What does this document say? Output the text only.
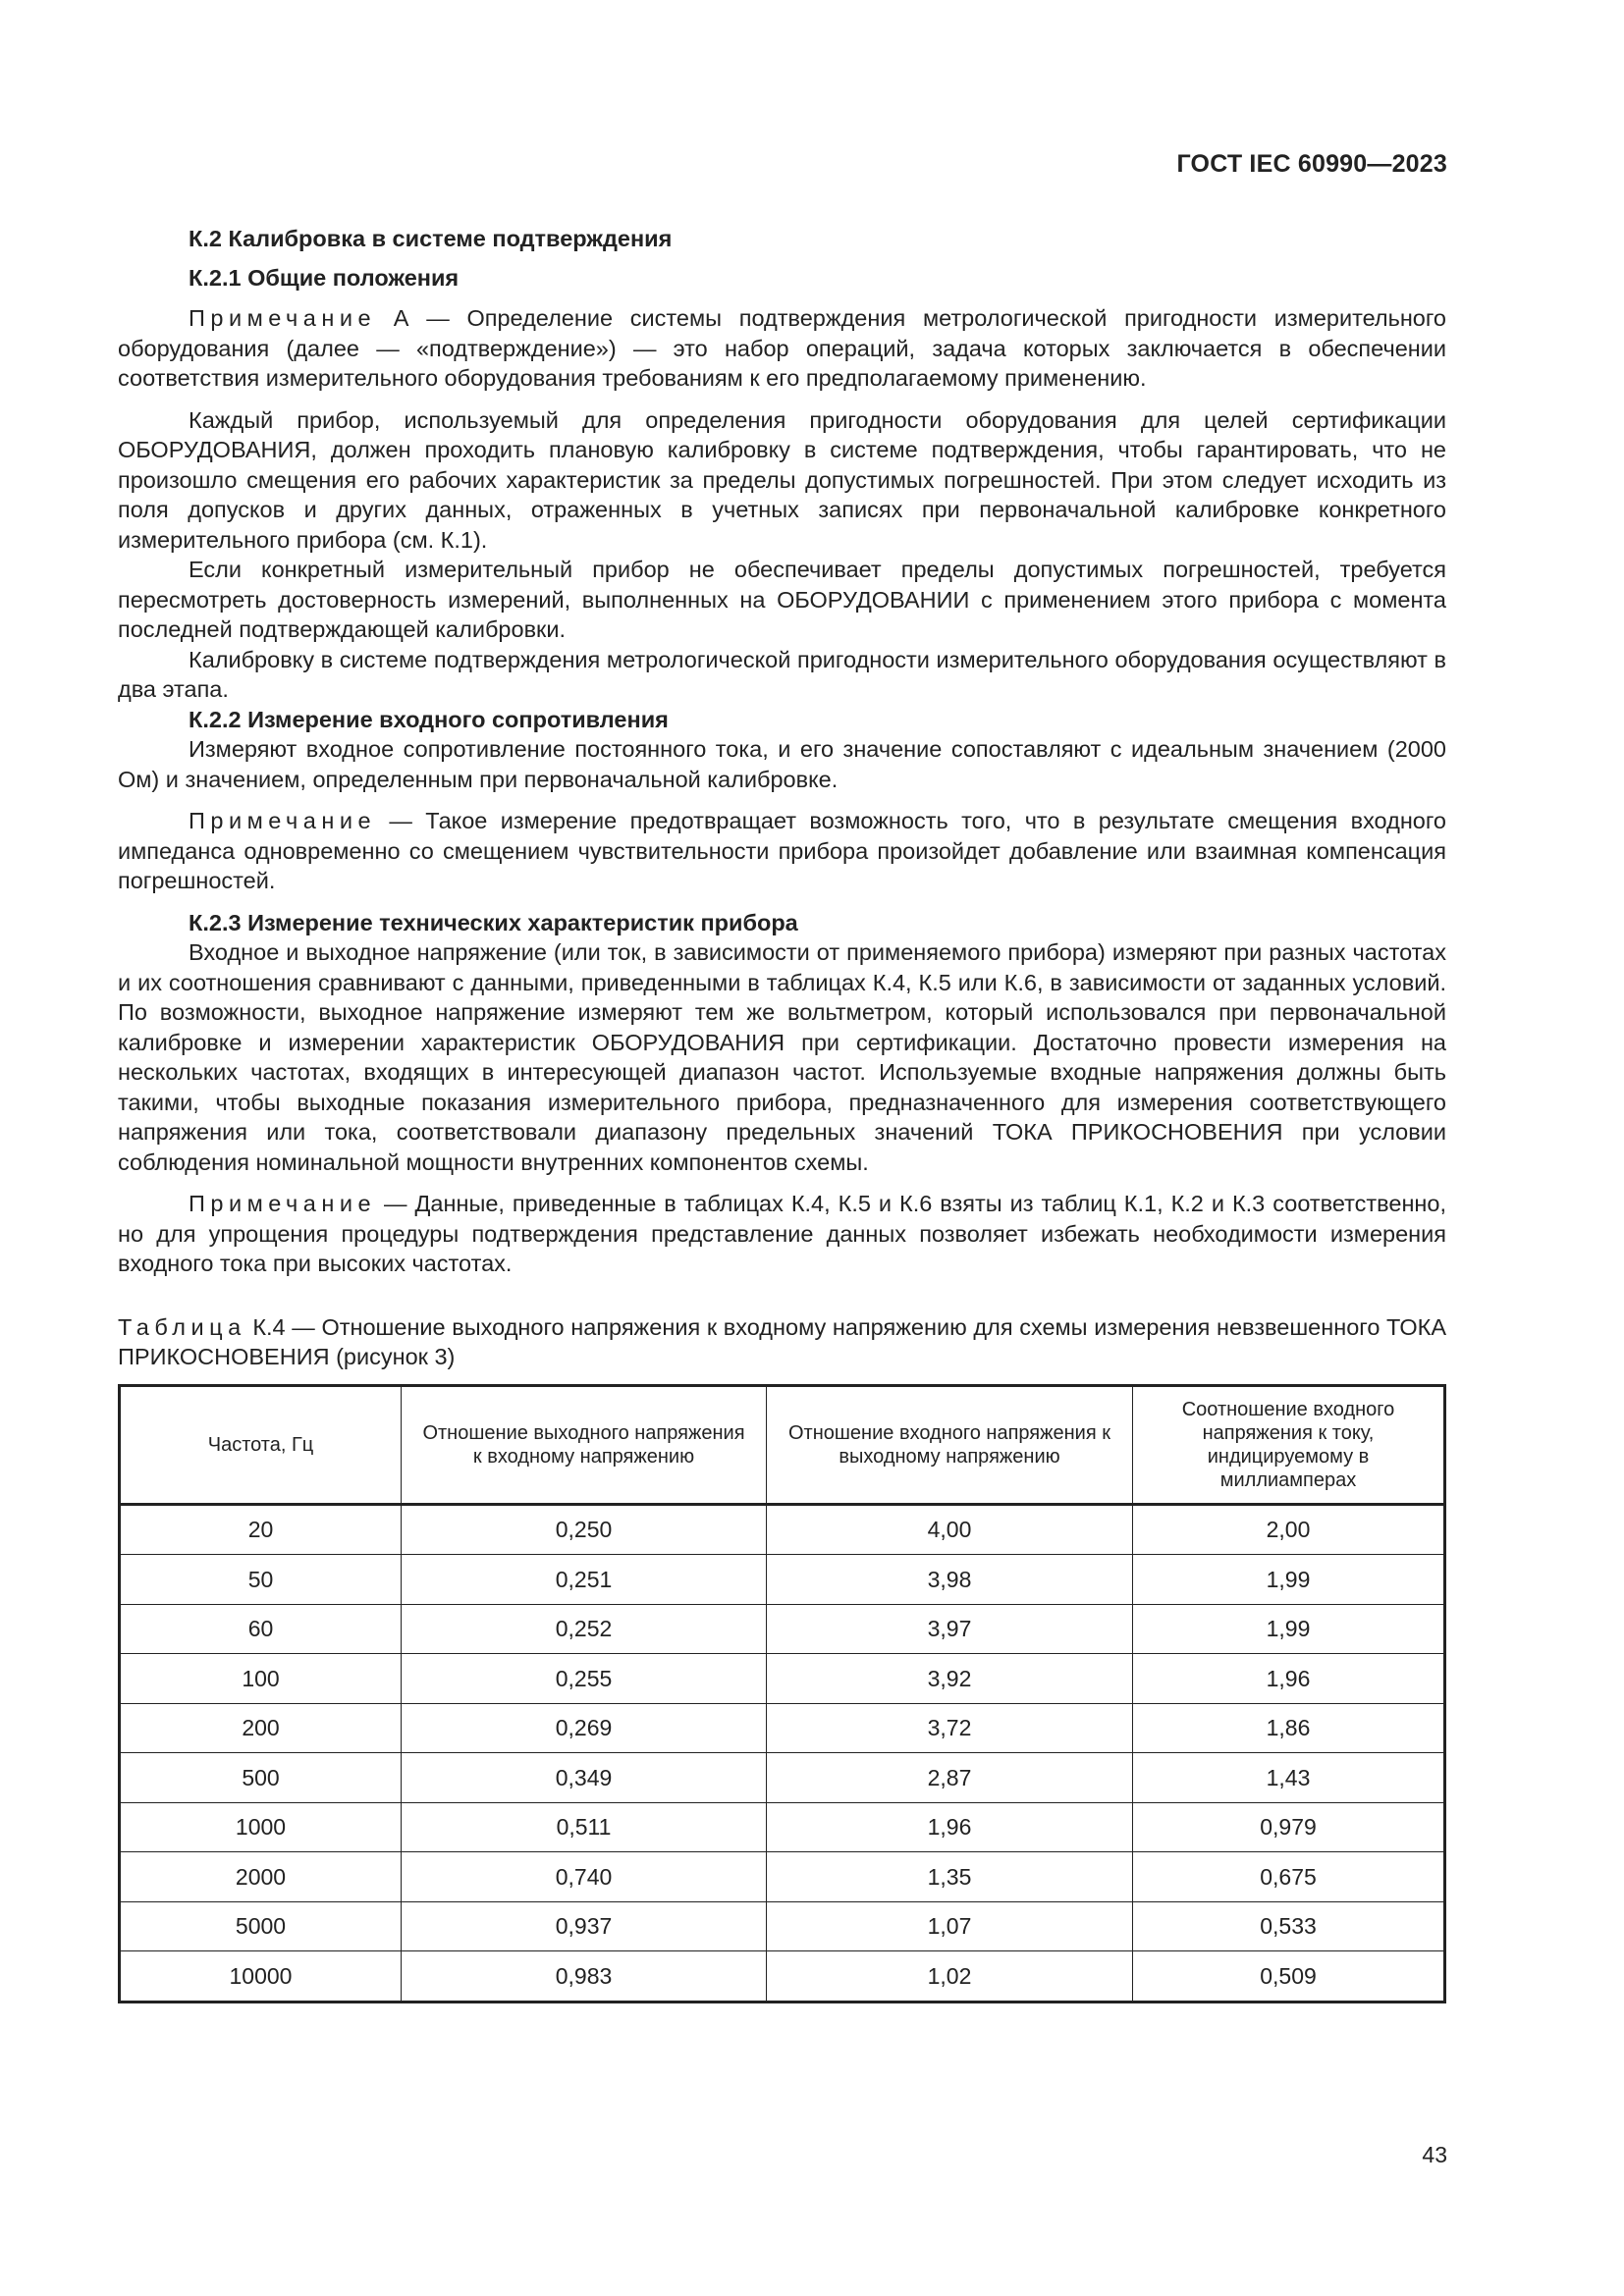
ГОСТ IEC 60990—2023
К.2 Калибровка в системе подтверждения
К.2.1 Общие положения

Примечание А — Определение системы подтверждения метрологической пригодности измерительного оборудования (далее — «подтверждение») — это набор операций, задача которых заключается в обеспечении соответствия измерительного оборудования требованиям к его предполагаемому применению.

Каждый прибор, используемый для определения пригодности оборудования для целей сертификации ОБОРУДОВАНИЯ, должен проходить плановую калибровку в системе подтверждения, чтобы гарантировать, что не произошло смещения его рабочих характеристик за пределы допустимых погрешностей. При этом следует исходить из поля допусков и других данных, отраженных в учетных записях при первоначальной калибровке конкретного измерительного прибора (см. К.1).

Если конкретный измерительный прибор не обеспечивает пределы допустимых погрешностей, требуется пересмотреть достоверность измерений, выполненных на ОБОРУДОВАНИИ с применением этого прибора с момента последней подтверждающей калибровки.

Калибровку в системе подтверждения метрологической пригодности измерительного оборудования осуществляют в два этапа.

К.2.2 Измерение входного сопротивления

Измеряют входное сопротивление постоянного тока, и его значение сопоставляют с идеальным значением (2000 Ом) и значением, определенным при первоначальной калибровке.

Примечание — Такое измерение предотвращает возможность того, что в результате смещения входного импеданса одновременно со смещением чувствительности прибора произойдет добавление или взаимная компенсация погрешностей.

К.2.3 Измерение технических характеристик прибора

Входное и выходное напряжение (или ток, в зависимости от применяемого прибора) измеряют при разных частотах и их соотношения сравнивают с данными, приведенными в таблицах К.4, К.5 или К.6, в зависимости от заданных условий. По возможности, выходное напряжение измеряют тем же вольтметром, который использовался при первоначальной калибровке и измерении характеристик ОБОРУДОВАНИЯ при сертификации. Достаточно провести измерения на нескольких частотах, входящих в интересующей диапазон частот. Используемые входные напряжения должны быть такими, чтобы выходные показания измерительного прибора, предназначенного для измерения соответствующего напряжения или тока, соответствовали диапазону предельных значений ТОКА ПРИКОСНОВЕНИЯ при условии соблюдения номинальной мощности внутренних компонентов схемы.

Примечание — Данные, приведенные в таблицах К.4, К.5 и К.6 взяты из таблиц К.1, К.2 и К.3 соответственно, но для упрощения процедуры подтверждения представление данных позволяет избежать необходимости измерения входного тока при высоких частотах.

Таблица К.4 — Отношение выходного напряжения к входному напряжению для схемы измерения невзвешенного ТОКА ПРИКОСНОВЕНИЯ (рисунок 3)

Частота, Гц	Отношение выходного напряжения к входному напряжению	Отношение входного напряжения к выходному напряжению	Соотношение входного напряжения к току, индицируемому в миллиамперах
20	0,250	4,00	2,00
50	0,251	3,98	1,99
60	0,252	3,97	1,99
100	0,255	3,92	1,96
200	0,269	3,72	1,86
500	0,349	2,87	1,43
1000	0,511	1,96	0,979
2000	0,740	1,35	0,675
5000	0,937	1,07	0,533
10000	0,983	1,02	0,509
43
